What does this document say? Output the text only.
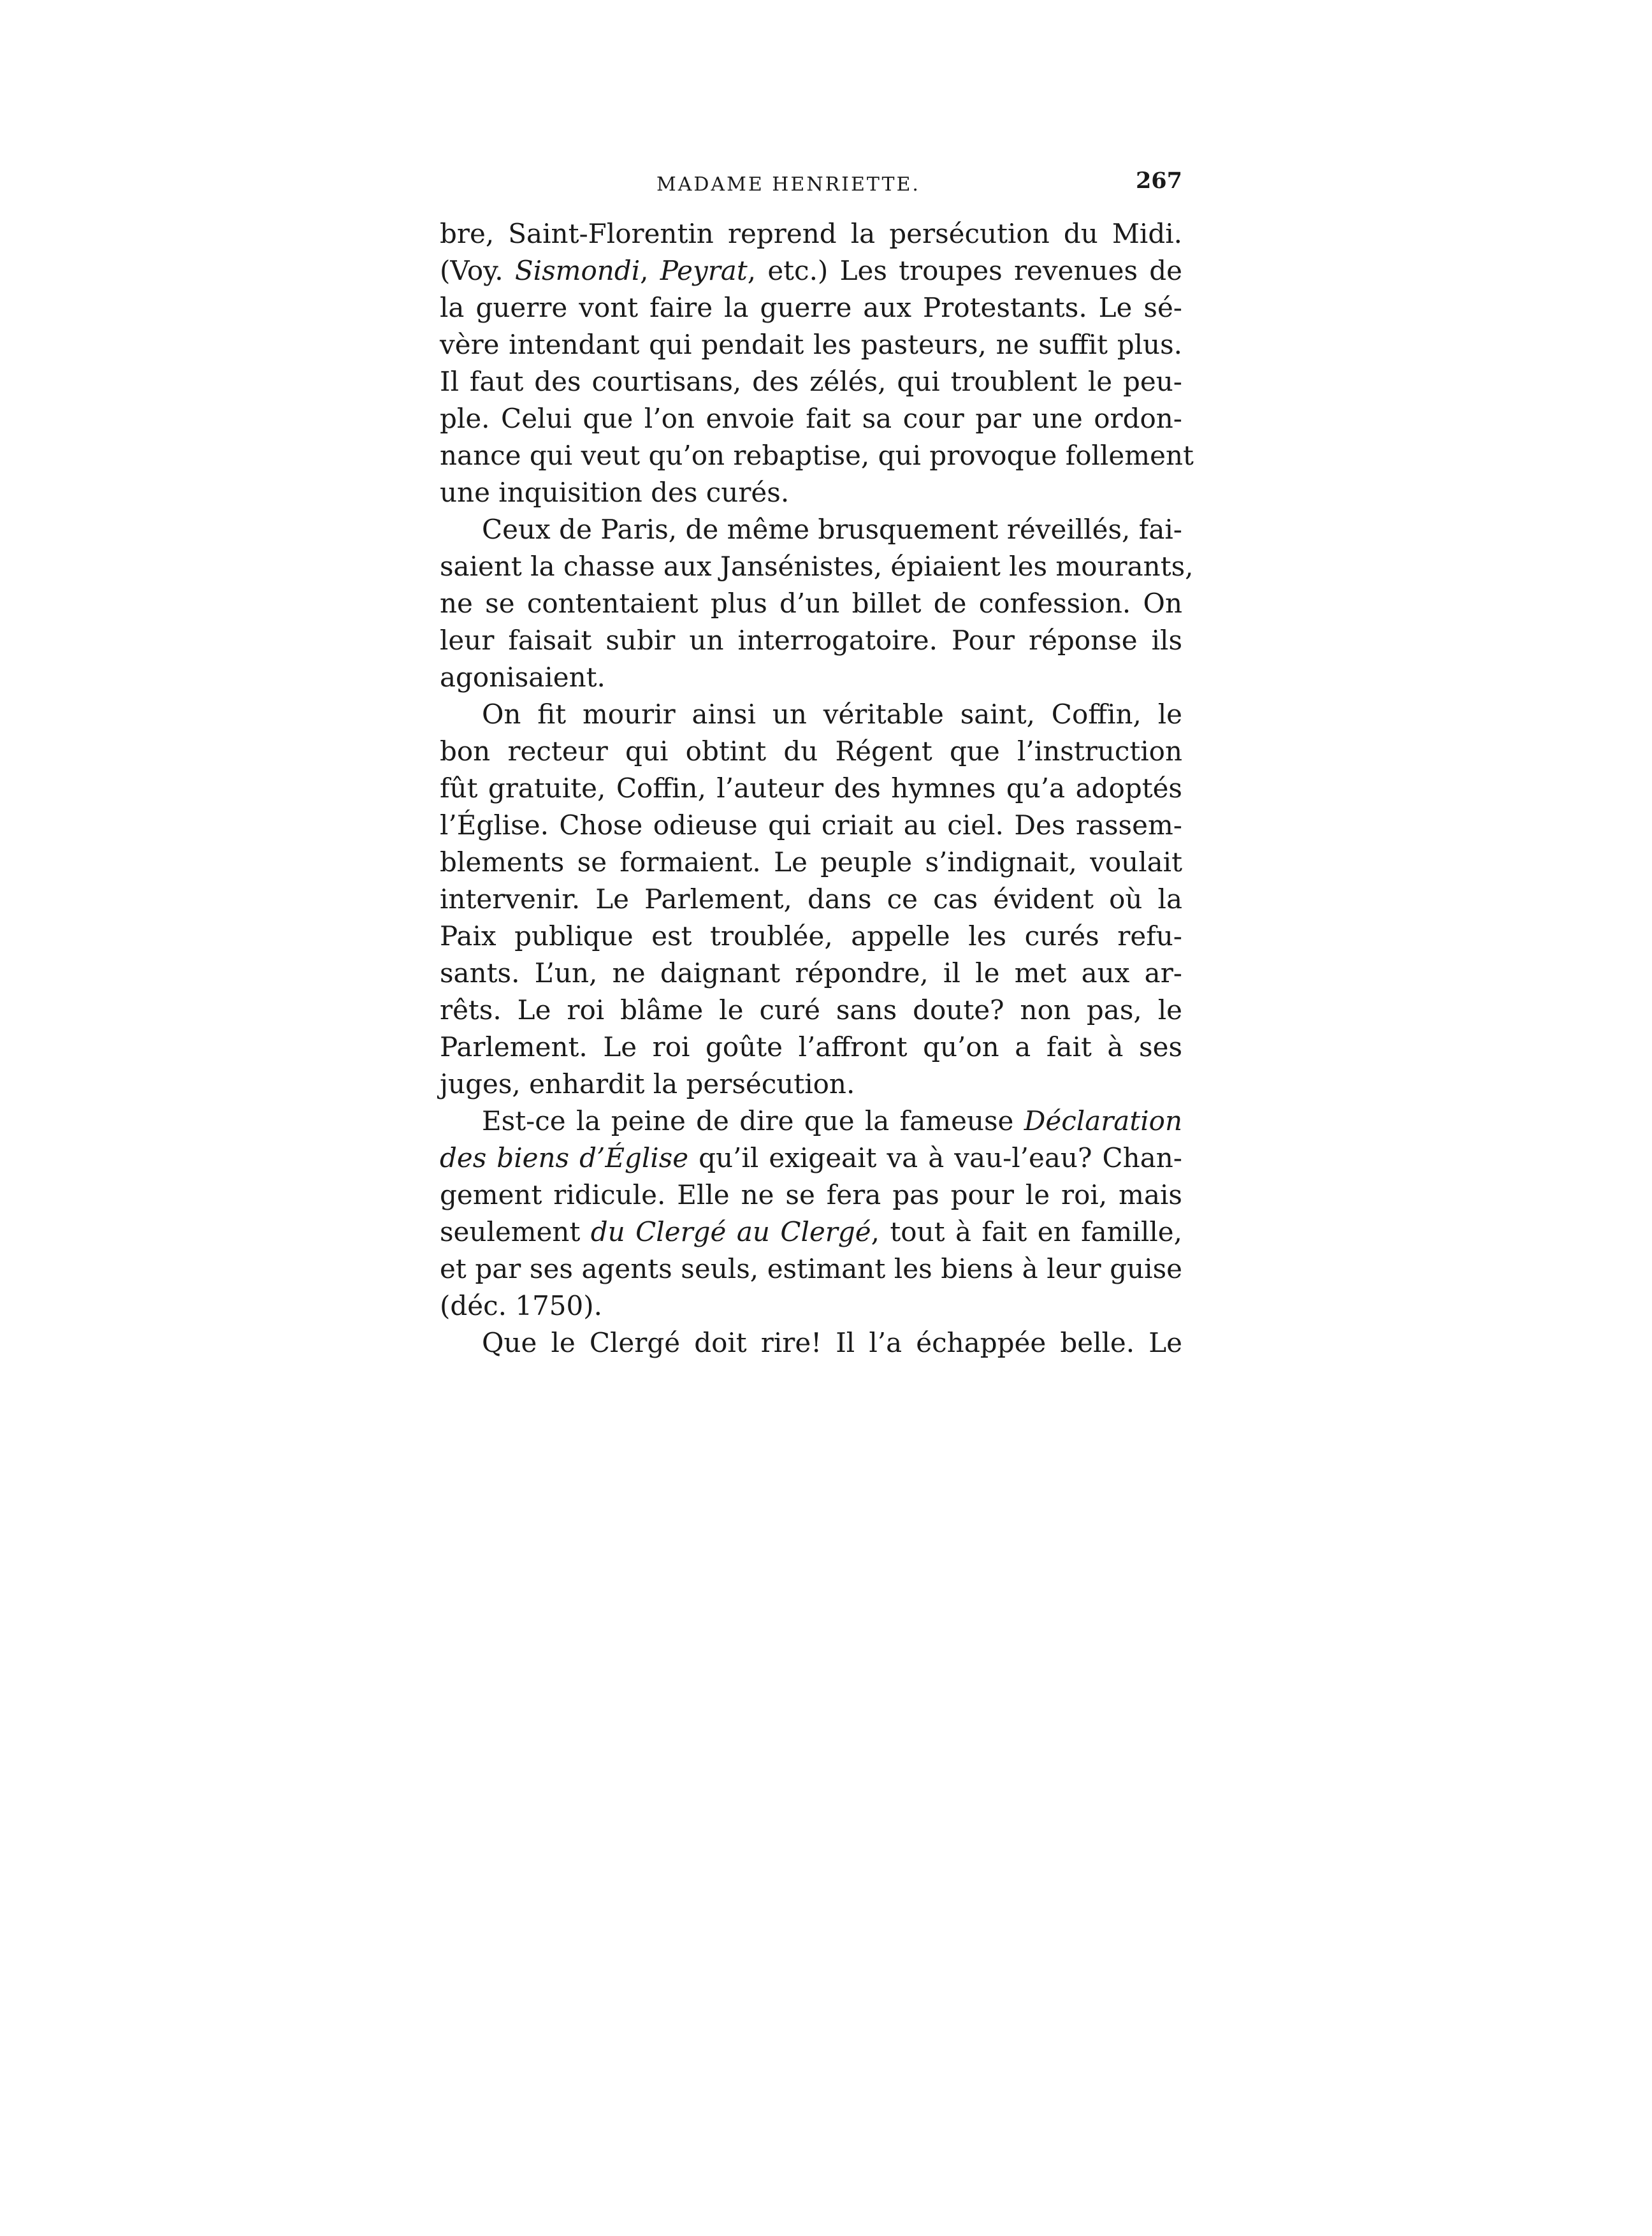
MADAME HENRIETTE.	267
bre, Saint-Florentin reprend la persécution du Midi.
(Voy. Sismondi, Peyrat, etc.) Les troupes revenues de
la guerre vont faire la guerre aux Protestants. Le sé-
vère intendant qui pendait les pasteurs, ne suffit plus.
Il faut des courtisans, des zélés, qui troublent le peu-
ple. Celui que l’on envoie fait sa cour par une ordon-
nance qui veut qu’on rebaptise, qui provoque follement
une inquisition des curés.
Ceux de Paris, de même brusquement réveillés, fai-
saient la chasse aux Jansénistes, épiaient les mourants,
ne se contentaient plus d’un billet de confession. On
leur faisait subir un interrogatoire. Pour réponse ils
agonisaient.
On fit mourir ainsi un véritable saint, Coffin, le
bon recteur qui obtint du Régent que l’instruction
fût gratuite, Coffin, l’auteur des hymnes qu’a adoptés
l’Église. Chose odieuse qui criait au ciel. Des rassem-
blements se formaient. Le peuple s’indignait, voulait
intervenir. Le Parlement, dans ce cas évident où la
Paix publique est troublée, appelle les curés refu-
sants. L’un, ne daignant répondre, il le met aux ar-
rêts. Le roi blâme le curé sans doute? non pas, le
Parlement. Le roi goûte l’affront qu’on a fait à ses
juges, enhardit la persécution.
Est-ce la peine de dire que la fameuse Déclaration
des biens d’Église qu’il exigeait va à vau-l’eau? Chan-
gement ridicule. Elle ne se fera pas pour le roi, mais
seulement du Clergé au Clergé, tout à fait en famille,
et par ses agents seuls, estimant les biens à leur guise
(déc. 1750).
Que le Clergé doit rire! Il l’a échappée belle. Le
